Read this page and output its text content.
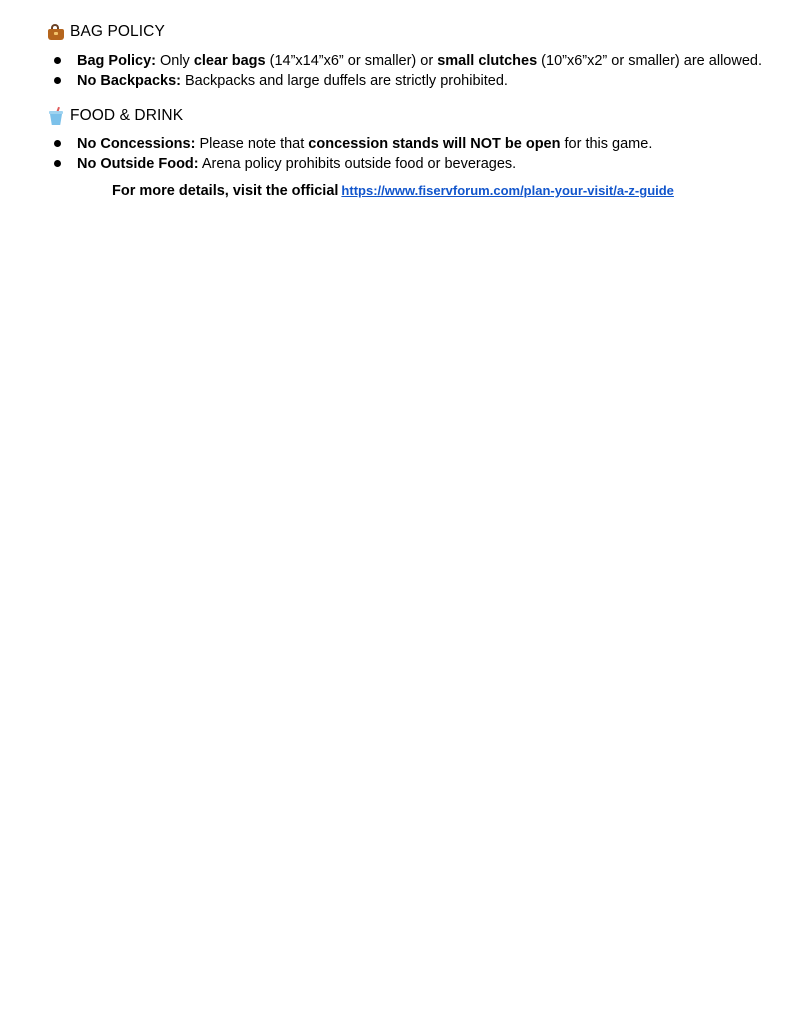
BAG POLICY
Bag Policy: Only clear bags (14”x14”x6” or smaller) or small clutches (10”x6”x2” or smaller) are allowed.
No Backpacks: Backpacks and large duffels are strictly prohibited.
FOOD & DRINK
No Concessions: Please note that concession stands will NOT be open for this game.
No Outside Food: Arena policy prohibits outside food or beverages.
For more details, visit the official https://www.fiservforum.com/plan-your-visit/a-z-guide
